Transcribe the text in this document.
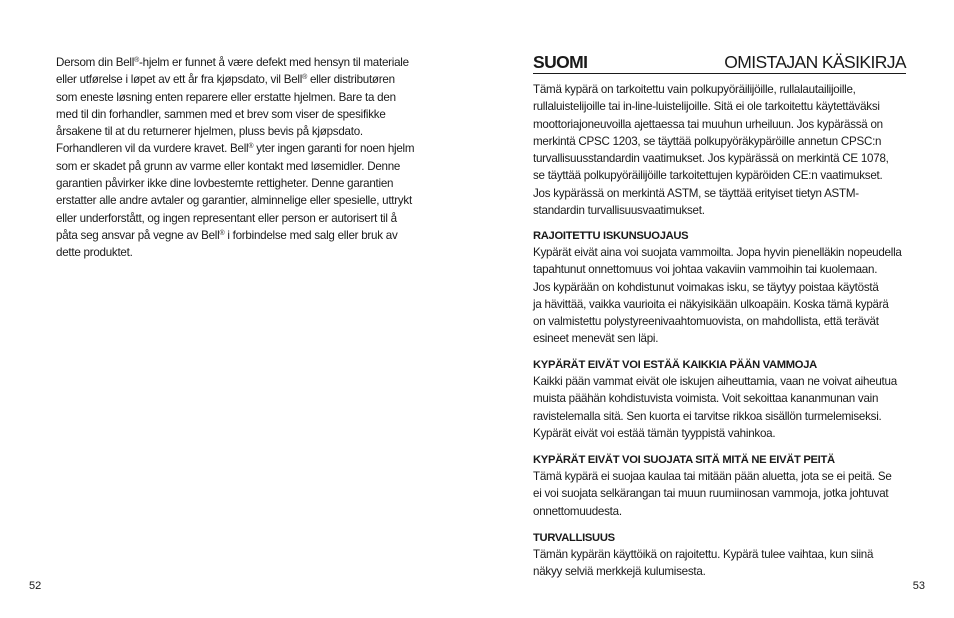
Dersom din Bell®-hjelm er funnet å være defekt med hensyn til materiale
eller utførelse i løpet av ett år fra kjøpsdato, vil Bell® eller distributøren
som eneste løsning enten reparere eller erstatte hjelmen. Bare ta den
med til din forhandler, sammen med et brev som viser de spesifikke
årsakene til at du returnerer hjelmen, pluss bevis på kjøpsdato.
Forhandleren vil da vurdere kravet. Bell® yter ingen garanti for noen hjelm
som er skadet på grunn av varme eller kontakt med løsemidler. Denne
garantien påvirker ikke dine lovbestemte rettigheter. Denne garantien
erstatter alle andre avtaler og garantier, alminnelige eller spesielle, uttrykt
eller underforstått, og ingen representant eller person er autorisert til å
påta seg ansvar på vegne av Bell® i forbindelse med salg eller bruk av
dette produktet.

52
SUOMI	OMISTAJAN KÄSIKIRJA

Tämä kypärä on tarkoitettu vain polkupyöräilijöille, rullalautailijoille,
rullaluistelijoille tai in-line-luistelijoille. Sitä ei ole tarkoitettu käytettäväksi
moottoriajoneuvoilla ajettaessa tai muuhun urheiluun. Jos kypärässä on
merkintä CPSC 1203, se täyttää polkupyöräkypäröille annetun CPSC:n
turvallisuusstandardin vaatimukset. Jos kypärässä on merkintä CE 1078,
se täyttää polkupyöräilijöille tarkoitettujen kypäröiden CE:n vaatimukset.
Jos kypärässä on merkintä ASTM, se täyttää erityiset tietyn ASTM-
standardin turvallisuusvaatimukset.

RAJOITETTU ISKUNSUOJAUS

Kypärät eivät aina voi suojata vammoilta. Jopa hyvin pienelläkin nopeudella
tapahtunut onnettomuus voi johtaa vakaviin vammoihin tai kuolemaan.
Jos kypärään on kohdistunut voimakas isku, se täytyy poistaa käytöstä
ja hävittää, vaikka vaurioita ei näkyisikään ulkoapäin. Koska tämä kypärä
on valmistettu polystyreenivaahtomuovista, on mahdollista, että terävät
esineet menevät sen läpi.

KYPÄRÄT EIVÄT VOI ESTÄÄ KAIKKIA PÄÄN VAMMOJA

Kaikki pään vammat eivät ole iskujen aiheuttamia, vaan ne voivat aiheutua
muista päähän kohdistuvista voimista. Voit sekoittaa kananmunan vain
ravistelemalla sitä. Sen kuorta ei tarvitse rikkoa sisällön turmelemiseksi.
Kypärät eivät voi estää tämän tyyppistä vahinkoa.

KYPÄRÄT EIVÄT VOI SUOJATA SITÄ MITÄ NE EIVÄT PEITÄ

Tämä kypärä ei suojaa kaulaa tai mitään pään aluetta, jota se ei peitä. Se
ei voi suojata selkärangan tai muun ruumiinosan vammoja, jotka johtuvat
onnettomuudesta.

TURVALLISUUS

Tämän kypärän käyttöikä on rajoitettu. Kypärä tulee vaihtaa, kun siinä
näkyy selviä merkkejä kulumisesta.

53
